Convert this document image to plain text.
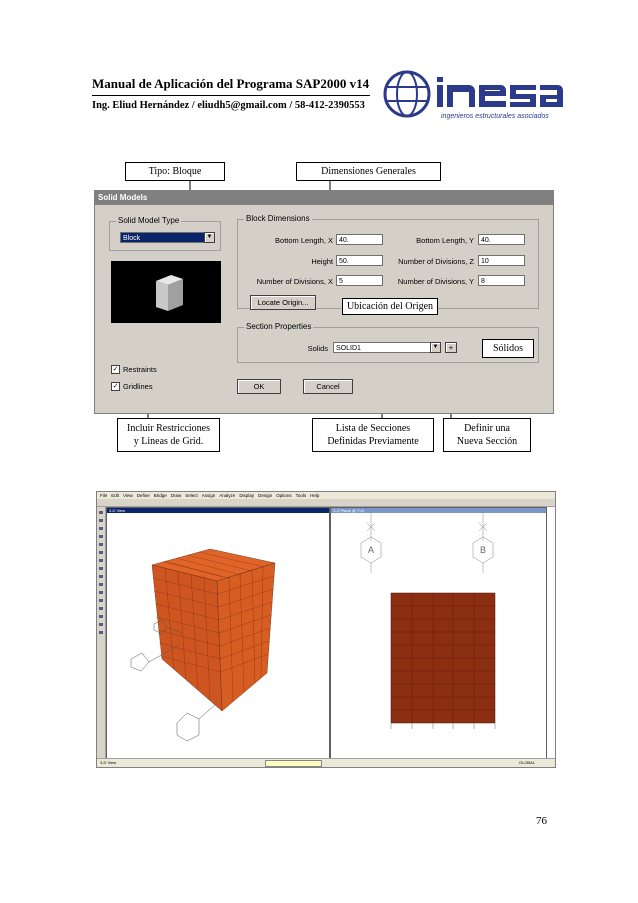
Manual de Aplicación del Programa SAP2000 v14
Ing. Eliud Hernández / eliudh5@gmail.com / 58-412-2390553
ingenieros estructurales asociados
Tipo: Bloque	Dimensiones Generales
Solid Models
Solid Model Type
Block	▼
Block Dimensions
Bottom Length, X 40.	Bottom Length, Y	40.
Height 50.	Number of Divisions, Z	10
Number of Divisions, X 5	Number of Divisions, Y	8
Locate Origin...
Section Properties
Solids	SOLID1	▼	+
✓ Restraints
✓ Gridlines	OK	Cancel
Ubicación del Origen
Sólidos
Incluir Restricciones
y Lineas de Grid.
Lista de Secciones
Definidas Previamente
Definir una
Nueva Sección
File Edit View Define Bridge Draw Select Assign Analyze Display Design Options Tools Help
3-D View	X-Z Plane @ Y=0
A	B
3-D View	GLOBAL
76
